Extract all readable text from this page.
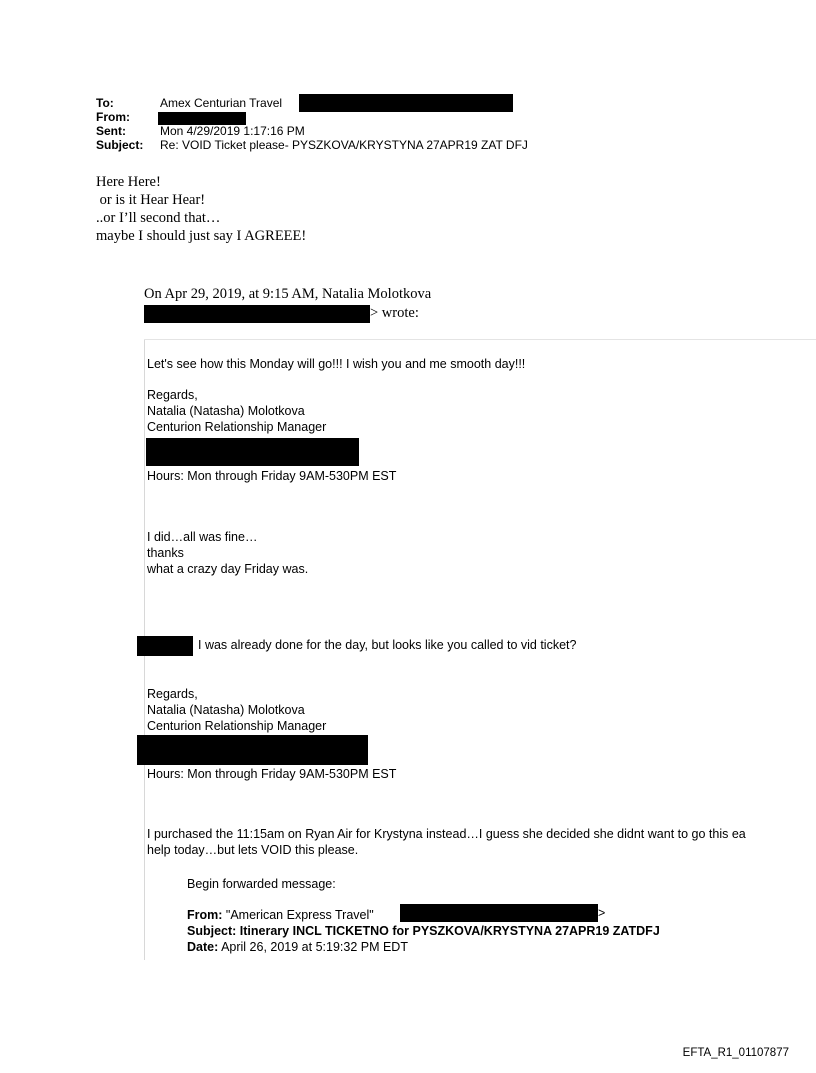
To:	Amex Centurian Travel
From:
Sent:	Mon 4/29/2019 1:17:16 PM
Subject: Re: VOID Ticket please- PYSZKOVA/KRYSTYNA 27APR19 ZAT DFJ
Here Here!
or is it Hear Hear!
..or I’ll second that…
maybe I should just say I AGREEE!
On Apr 29, 2019, at 9:15 AM, Natalia Molotkova
> wrote:
Let's see how this Monday will go!!! I wish you and me smooth day!!!
Regards,
Natalia (Natasha) Molotkova
Centurion Relationship Manager
Hours: Mon through Friday 9AM-530PM EST
I did…all was fine…
thanks
what a crazy day Friday was.
I was already done for the day, but looks like you called to vid ticket?
Regards,
Natalia (Natasha) Molotkova
Centurion Relationship Manager
Hours: Mon through Friday 9AM-530PM EST
I purchased the 11:15am on Ryan Air for Krystyna instead…I guess she decided she didnt want to go this ea
help today…but lets VOID this please.
Begin forwarded message:
From: "American Express Travel"	>
Subject: Itinerary INCL TICKETNO for PYSZKOVA/KRYSTYNA 27APR19 ZATDFJ
Date: April 26, 2019 at 5:19:32 PM EDT
EFTA_R1_01107877
